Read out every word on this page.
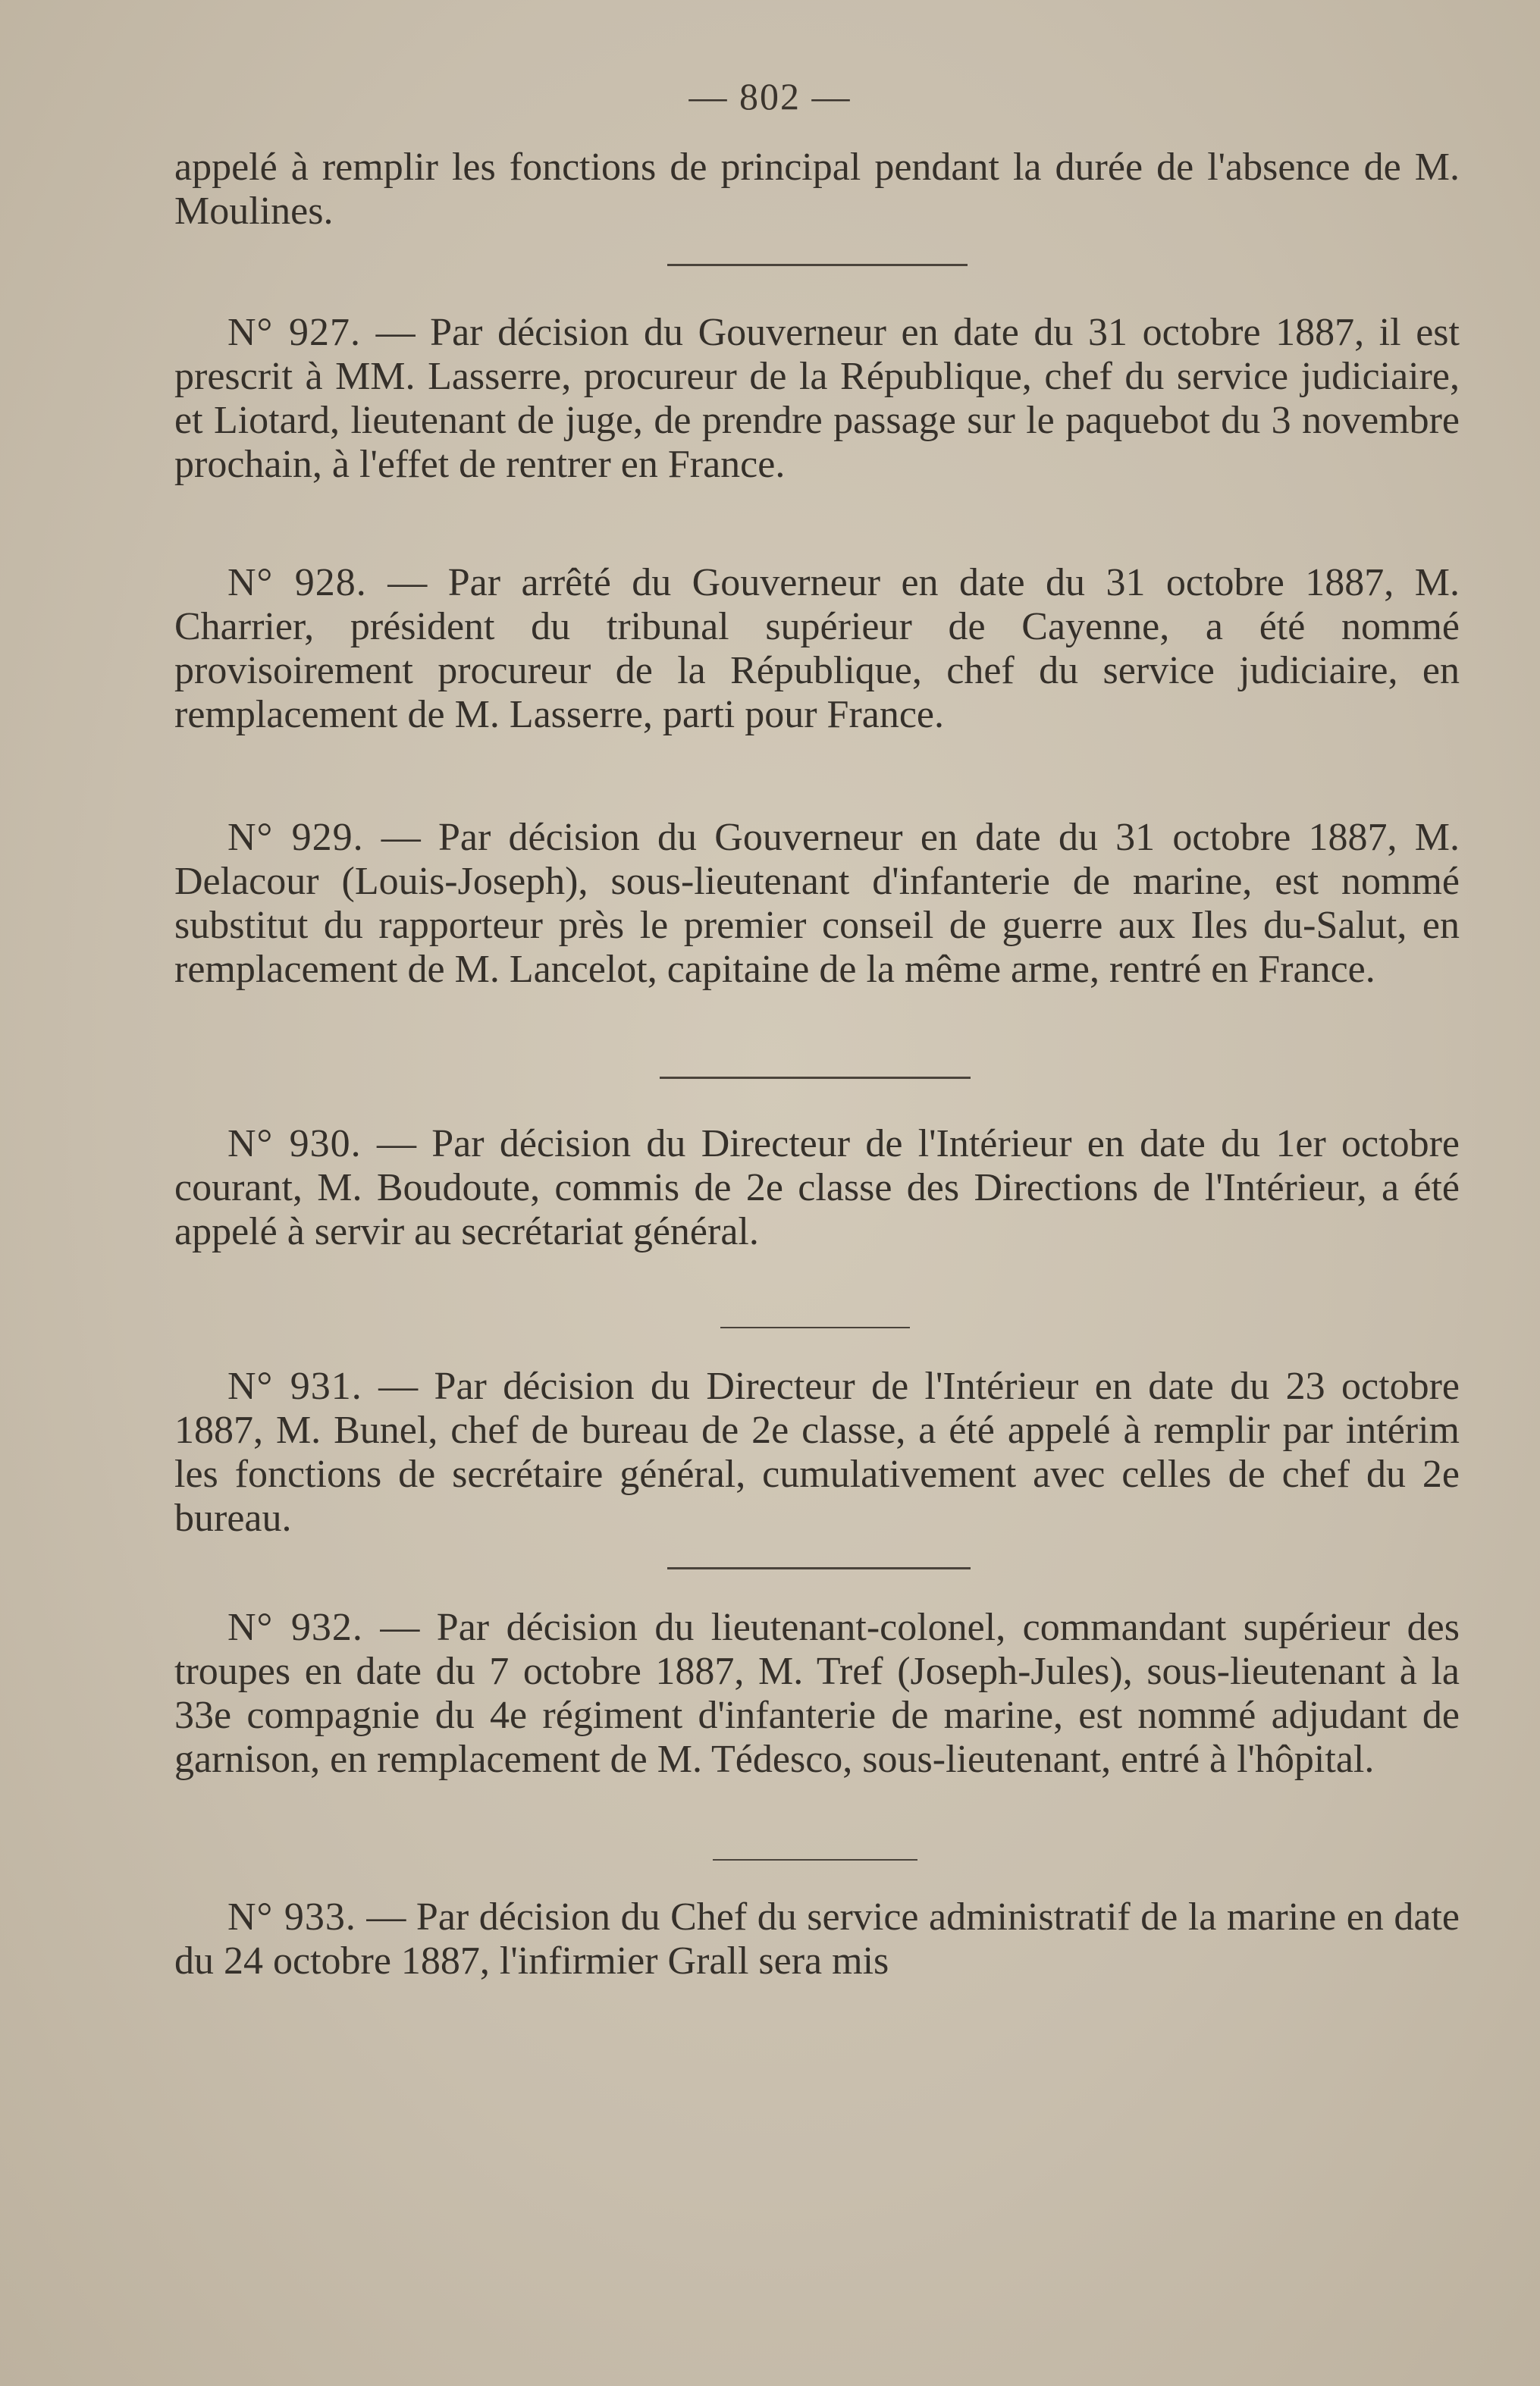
— 802 —

appelé à remplir les fonctions de principal pendant la durée de l'absence de M. Moulines.

N° 927. — Par décision du Gouverneur en date du 31 octobre 1887, il est prescrit à MM. Lasserre, procureur de la République, chef du service judiciaire, et Liotard, lieutenant de juge, de prendre passage sur le paquebot du 3 novembre prochain, à l'effet de rentrer en France.

N° 928. — Par arrêté du Gouverneur en date du 31 octobre 1887, M. Charrier, président du tribunal supérieur de Cayenne, a été nommé provisoirement procureur de la République, chef du service judiciaire, en remplacement de M. Lasserre, parti pour France.

N° 929. — Par décision du Gouverneur en date du 31 octobre 1887, M. Delacour (Louis-Joseph), sous-lieutenant d'infanterie de marine, est nommé substitut du rapporteur près le premier conseil de guerre aux Iles du-Salut, en remplacement de M. Lancelot, capitaine de la même arme, rentré en France.

N° 930. — Par décision du Directeur de l'Intérieur en date du 1er octobre courant, M. Boudoute, commis de 2e classe des Directions de l'Intérieur, a été appelé à servir au secrétariat général.

N° 931. — Par décision du Directeur de l'Intérieur en date du 23 octobre 1887, M. Bunel, chef de bureau de 2e classe, a été appelé à remplir par intérim les fonctions de secrétaire général, cumulativement avec celles de chef du 2e bureau.

N° 932. — Par décision du lieutenant-colonel, commandant supérieur des troupes en date du 7 octobre 1887, M. Tref (Joseph-Jules), sous-lieutenant à la 33e compagnie du 4e régiment d'infanterie de marine, est nommé adjudant de garnison, en remplacement de M. Tédesco, sous-lieutenant, entré à l'hôpital.

N° 933. — Par décision du Chef du service administratif de la marine en date du 24 octobre 1887, l'infirmier Grall sera mis
